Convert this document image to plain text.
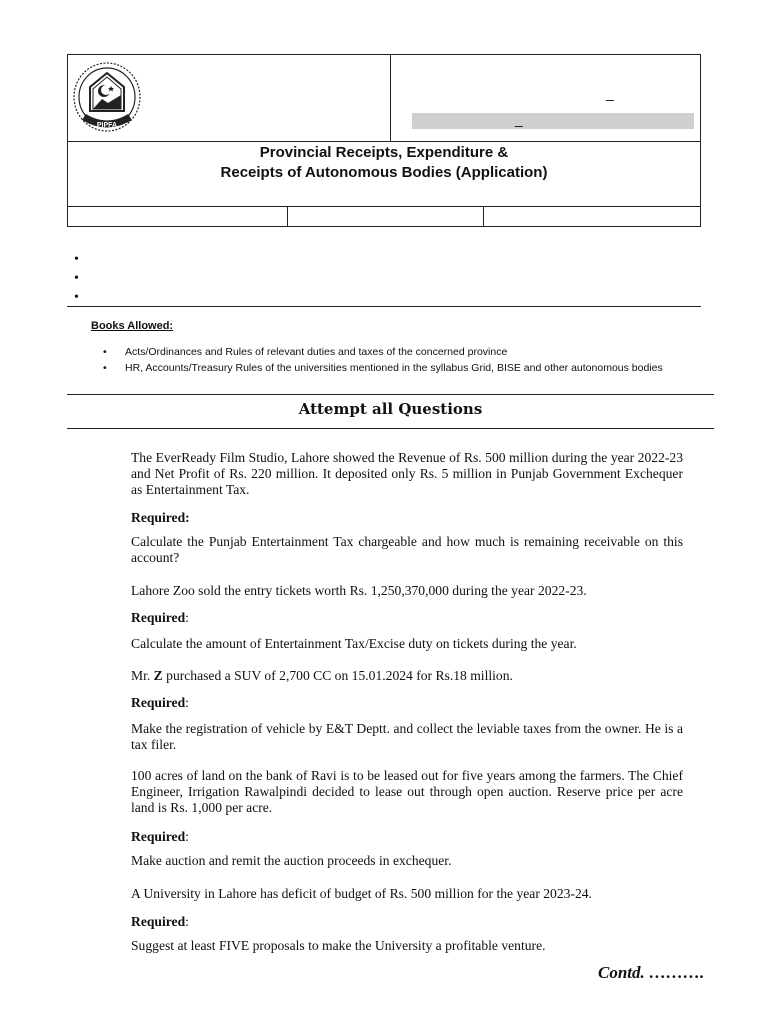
PIPFA
_
_
Provincial Receipts, Expenditure &
Receipts of Autonomous Bodies (Application)
•
•
•
Books Allowed:
• Acts/Ordinances and Rules of relevant duties and taxes of the concerned province
• HR, Accounts/Treasury Rules of the universities mentioned in the syllabus Grid, BISE and other autonomous bodies
Attempt all Questions
The EverReady Film Studio, Lahore showed the Revenue of Rs. 500 million during the year 2022-23 and Net Profit of Rs. 220 million. It deposited only Rs. 5 million in Punjab Government Exchequer as Entertainment Tax.
Required:
Calculate the Punjab Entertainment Tax chargeable and how much is remaining receivable on this account?
Lahore Zoo sold the entry tickets worth Rs. 1,250,370,000 during the year 2022-23.
Required:
Calculate the amount of Entertainment Tax/Excise duty on tickets during the year.
Mr. Z purchased a SUV of 2,700 CC on 15.01.2024 for Rs.18 million.
Required:
Make the registration of vehicle by E&T Deptt. and collect the leviable taxes from the owner. He is a tax filer.
100 acres of land on the bank of Ravi is to be leased out for five years among the farmers. The Chief Engineer, Irrigation Rawalpindi decided to lease out through open auction. Reserve price per acre land is Rs. 1,000 per acre.
Required:
Make auction and remit the auction proceeds in exchequer.
A University in Lahore has deficit of budget of Rs. 500 million for the year 2023-24.
Required:
Suggest at least FIVE proposals to make the University a profitable venture.
Contd. ……….
